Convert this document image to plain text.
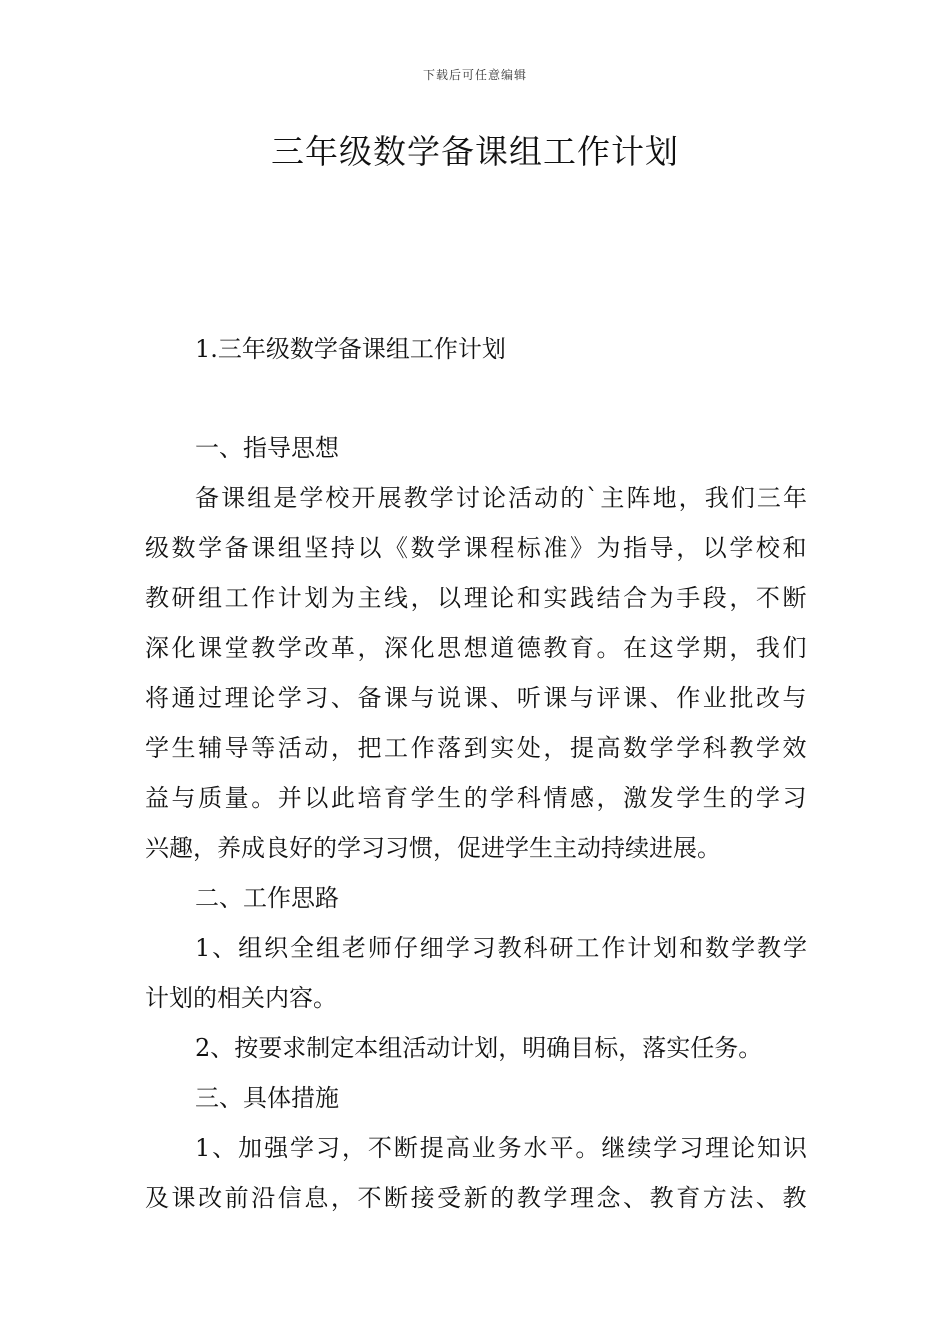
下载后可任意编辑
三年级数学备课组工作计划
1.三年级数学备课组工作计划
一、指导思想
备课组是学校开展教学讨论活动的`主阵地，我们三年
级数学备课组坚持以《数学课程标准》为指导，以学校和
教研组工作计划为主线，以理论和实践结合为手段，不断
深化课堂教学改革，深化思想道德教育。在这学期，我们
将通过理论学习、备课与说课、听课与评课、作业批改与
学生辅导等活动，把工作落到实处，提高数学学科教学效
益与质量。并以此培育学生的学科情感，激发学生的学习
兴趣，养成良好的学习习惯，促进学生主动持续进展。
二、工作思路
1、组织全组老师仔细学习教科研工作计划和数学教学
计划的相关内容。
2、按要求制定本组活动计划，明确目标，落实任务。
三、具体措施
1、加强学习，不断提高业务水平。继续学习理论知识
及课改前沿信息，不断接受新的教学理念、教育方法、教
